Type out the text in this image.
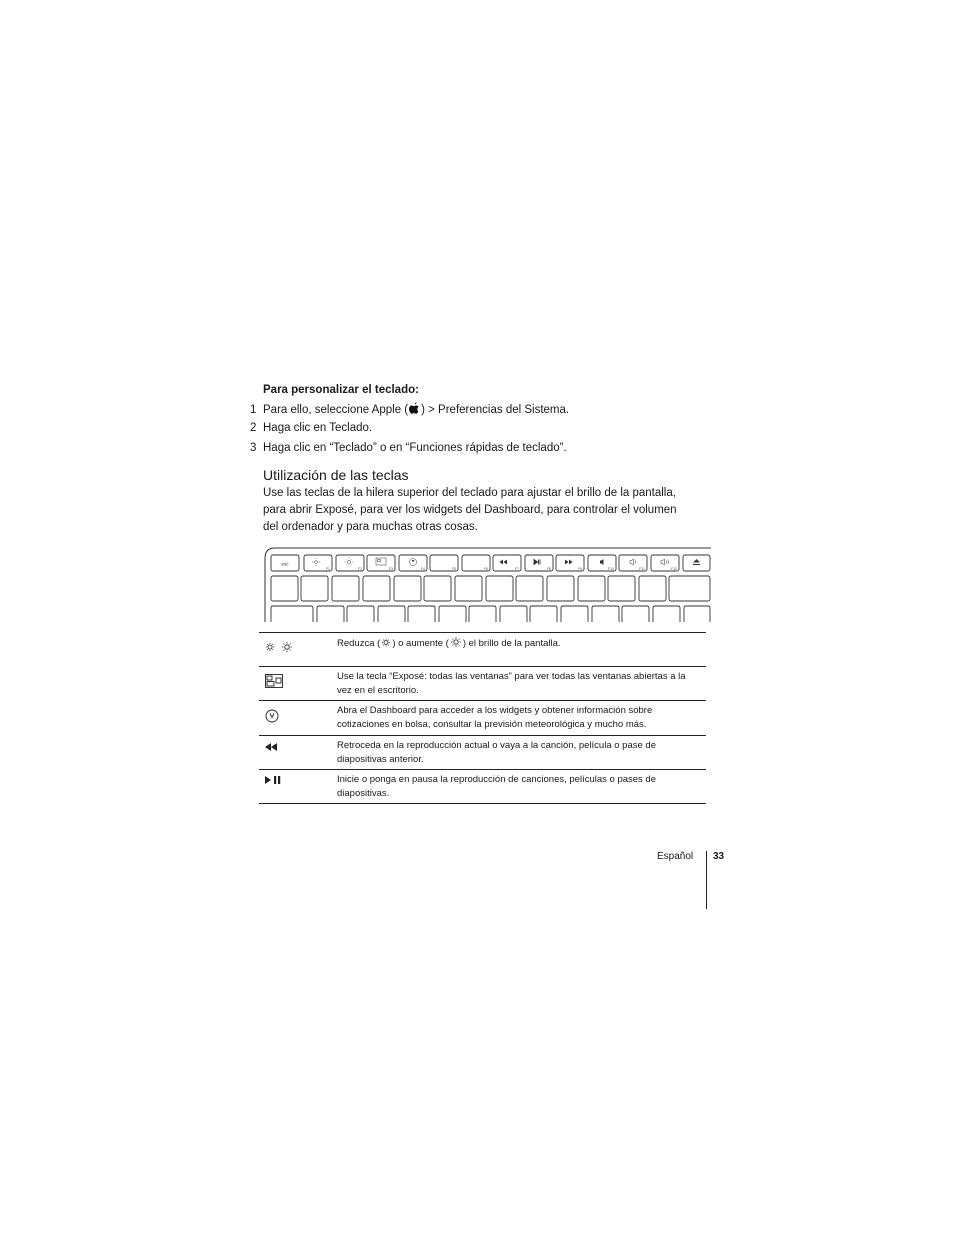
Para personalizar el teclado:
1 Para ello, seleccione Apple ( ) > Preferencias del Sistema.
2 Haga clic en Teclado.
3 Haga clic en “Teclado” o en “Funciones rápidas de teclado”.
Utilización de las teclas
Use las teclas de la hilera superior del teclado para ajustar el brillo de la pantalla,
para abrir Exposé, para ver los widgets del Dashboard, para controlar el volumen
del ordenador y para muchas otras cosas.
esc
F1	F2	F3	F4	F5	F6	F7	F8	F9	F10	F11	F12
Reduzca ( ) o aumente ( ) el brillo de la pantalla.
Use la tecla “Exposé: todas las ventanas” para ver todas las ventanas abiertas a la vez en el escritorio.
Abra el Dashboard para acceder a los widgets y obtener información sobre cotizaciones en bolsa, consultar la previsión meteorológica y mucho más.
Retroceda en la reproducción actual o vaya a la canción, película o pase de diapositivas anterior.
Inicie o ponga en pausa la reproducción de canciones, películas o pases de diapositivas.
Español 33
